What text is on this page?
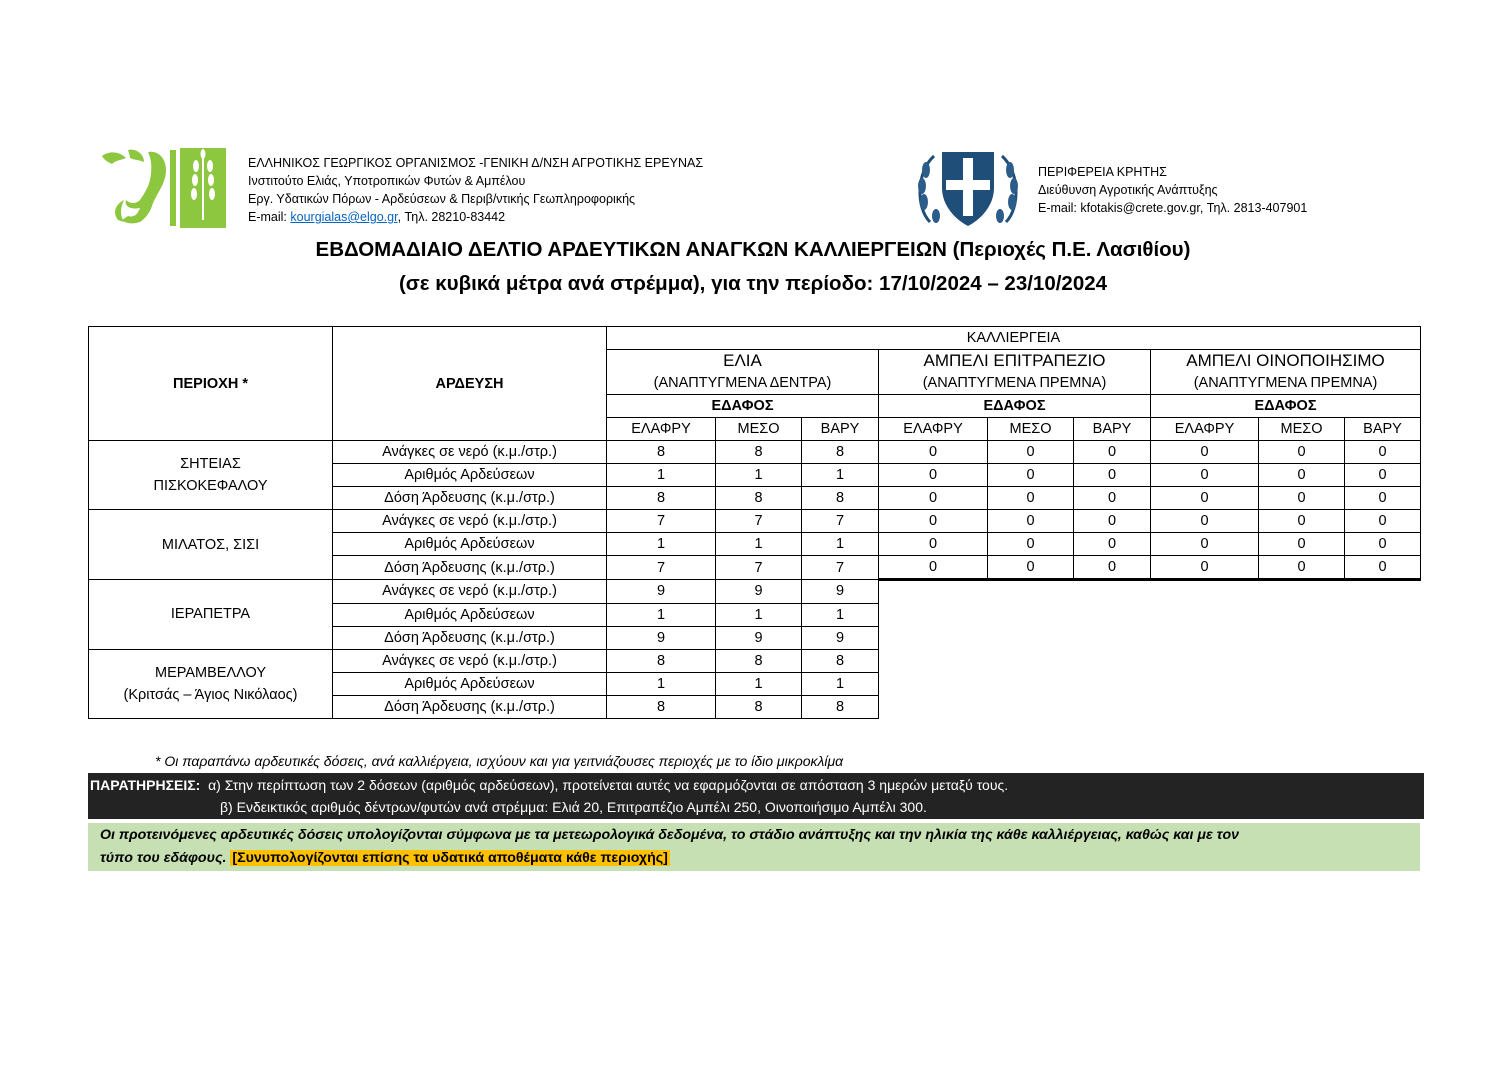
ΕΛΛΗΝΙΚΟΣ ΓΕΩΡΓΙΚΟΣ ΟΡΓΑΝΙΣΜΟΣ -ΓΕΝΙΚΗ Δ/ΝΣΗ ΑΓΡΟΤΙΚΗΣ ΕΡΕΥΝΑΣ
Ινστιτούτο Ελιάς, Υποτροπικών Φυτών & Αμπέλου
Εργ. Υδατικών Πόρων - Αρδεύσεων & Περιβ/ντικής Γεωπληροφορικής
E-mail: kourgialas@elgo.gr, Τηλ. 28210-83442
ΠΕΡΙΦΕΡΕΙΑ ΚΡΗΤΗΣ
Διεύθυνση Αγροτικής Ανάπτυξης
E-mail: kfotakis@crete.gov.gr, Τηλ. 2813-407901
ΕΒΔΟΜΑΔΙΑΙΟ ΔΕΛΤΙΟ ΑΡΔΕΥΤΙΚΩΝ ΑΝΑΓΚΩΝ ΚΑΛΛΙΕΡΓΕΙΩΝ (Περιοχές Π.Ε. Λασιθίου)
(σε κυβικά μέτρα ανά στρέμμα), για την περίοδο: 17/10/2024 – 23/10/2024
ΠΕΡΙΟΧΗ *	ΑΡΔΕΥΣΗ	ΚΑΛΛΙΕΡΓΕΙΑ								
		ΕΛΙΑ			ΑΜΠΕΛΙ ΕΠΙΤΡΑΠΕΖΙΟ			ΑΜΠΕΛΙ ΟΙΝΟΠΟΙΗΣΙΜΟ		
		(ΑΝΑΠΤΥΓΜΕΝΑ ΔΕΝΤΡΑ)			(ΑΝΑΠΤΥΓΜΕΝΑ ΠΡΕΜΝΑ)			(ΑΝΑΠΤΥΓΜΕΝΑ ΠΡΕΜΝΑ)		
		ΕΔΑΦΟΣ			ΕΔΑΦΟΣ			ΕΔΑΦΟΣ		
		ΕΛΑΦΡΥ	ΜΕΣΟ	ΒΑΡΥ	ΕΛΑΦΡΥ	ΜΕΣΟ	ΒΑΡΥ	ΕΛΑΦΡΥ	ΜΕΣΟ	ΒΑΡΥ

ΣΗΤΕΙΑΣ
ΠΙΣΚΟΚΕΦΑΛΟΥ	Ανάγκες σε νερό (κ.μ./στρ.)	8	8	8	0	0	0	0	0	0
	Αριθμός Αρδεύσεων	1	1	1	0	0	0	0	0	0
	Δόση Άρδευσης (κ.μ./στρ.)	8	8	8	0	0	0	0	0	0

ΜΙΛΑΤΟΣ, ΣΙΣΙ	Ανάγκες σε νερό (κ.μ./στρ.)	7	7	7	0	0	0	0	0	0
	Αριθμός Αρδεύσεων	1	1	1	0	0	0	0	0	0
	Δόση Άρδευσης (κ.μ./στρ.)	7	7	7	0	0	0	0	0	0

ΙΕΡΑΠΕΤΡΑ	Ανάγκες σε νερό (κ.μ./στρ.)	9	9	9						
	Αριθμός Αρδεύσεων	1	1	1						
	Δόση Άρδευσης (κ.μ./στρ.)	9	9	9						

ΜΕΡΑΜΒΕΛΛΟΥ
(Κριτσάς – Άγιος Νικόλαος)	Ανάγκες σε νερό (κ.μ./στρ.)	8	8	8						
	Αριθμός Αρδεύσεων	1	1	1						
	Δόση Άρδευσης (κ.μ./στρ.)	8	8	8						
* Οι παραπάνω αρδευτικές δόσεις, ανά καλλιέργεια, ισχύουν και για γειτνιάζουσες περιοχές με το ίδιο μικροκλίμα
ΠΑΡΑΤΗΡΗΣΕΙΣ: α) Στην περίπτωση των 2 δόσεων (αριθμός αρδεύσεων), προτείνεται αυτές να εφαρμόζονται σε απόσταση 3 ημερών μεταξύ τους.
β) Ενδεικτικός αριθμός δέντρων/φυτών ανά στρέμμα: Ελιά 20, Επιτραπέζιο Αμπέλι 250, Οινοποιήσιμο Αμπέλι 300.
Οι προτεινόμενες αρδευτικές δόσεις υπολογίζονται σύμφωνα με τα μετεωρολογικά δεδομένα, το στάδιο ανάπτυξης και την ηλικία της κάθε καλλιέργειας, καθώς και με τον
τύπο του εδάφους. [Συνυπολογίζονται επίσης τα υδατικά αποθέματα κάθε περιοχής]
